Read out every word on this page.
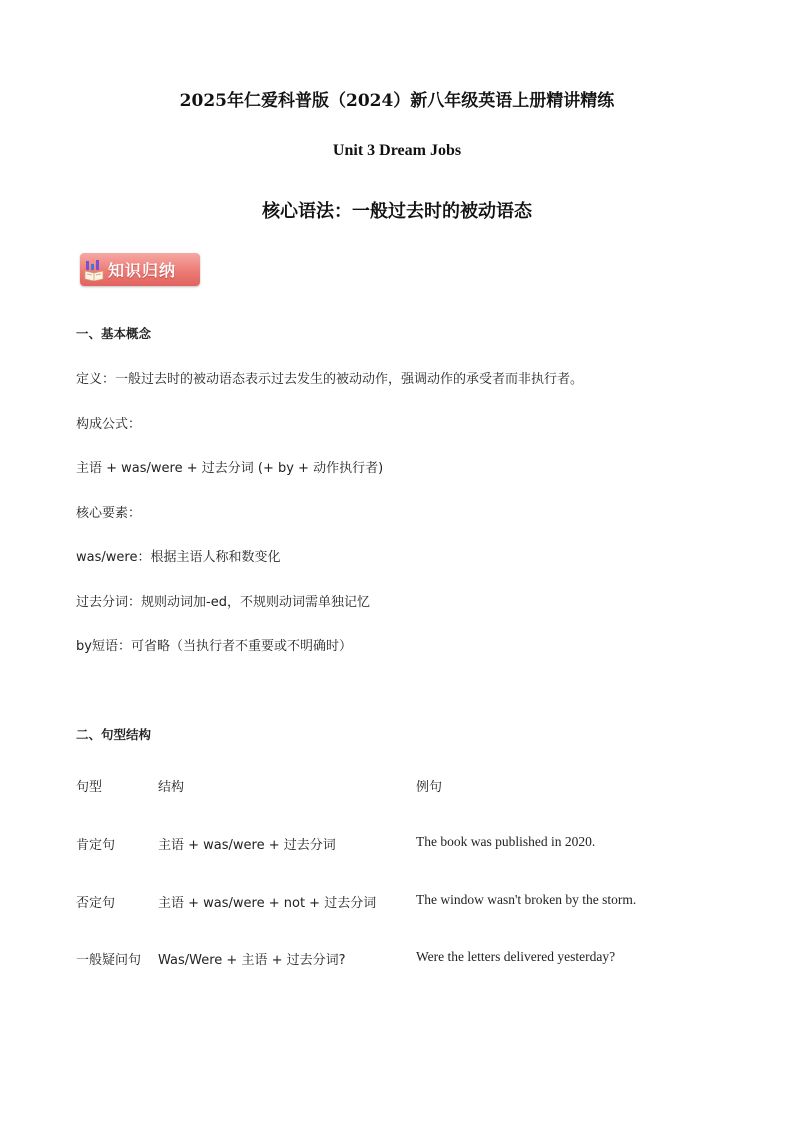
2025年仁爱科普版（2024）新八年级英语上册精讲精练
Unit 3 Dream Jobs
核心语法：一般过去时的被动语态
知识归纳
一、基本概念
定义：一般过去时的被动语态表示过去发生的被动动作，强调动作的承受者而非执行者。
构成公式：
主语 + was/were + 过去分词 (+ by + 动作执行者)
核心要素：
was/were：根据主语人称和数变化
过去分词：规则动词加-ed，不规则动词需单独记忆
by短语：可省略（当执行者不重要或不明确时）
二、句型结构
句型	结构	例句
肯定句	主语 + was/were + 过去分词	The book was published in 2020.
否定句	主语 + was/were + not + 过去分词	The window wasn't broken by the storm.
一般疑问句 Was/Were + 主语 + 过去分词?	Were the letters delivered yesterday?
